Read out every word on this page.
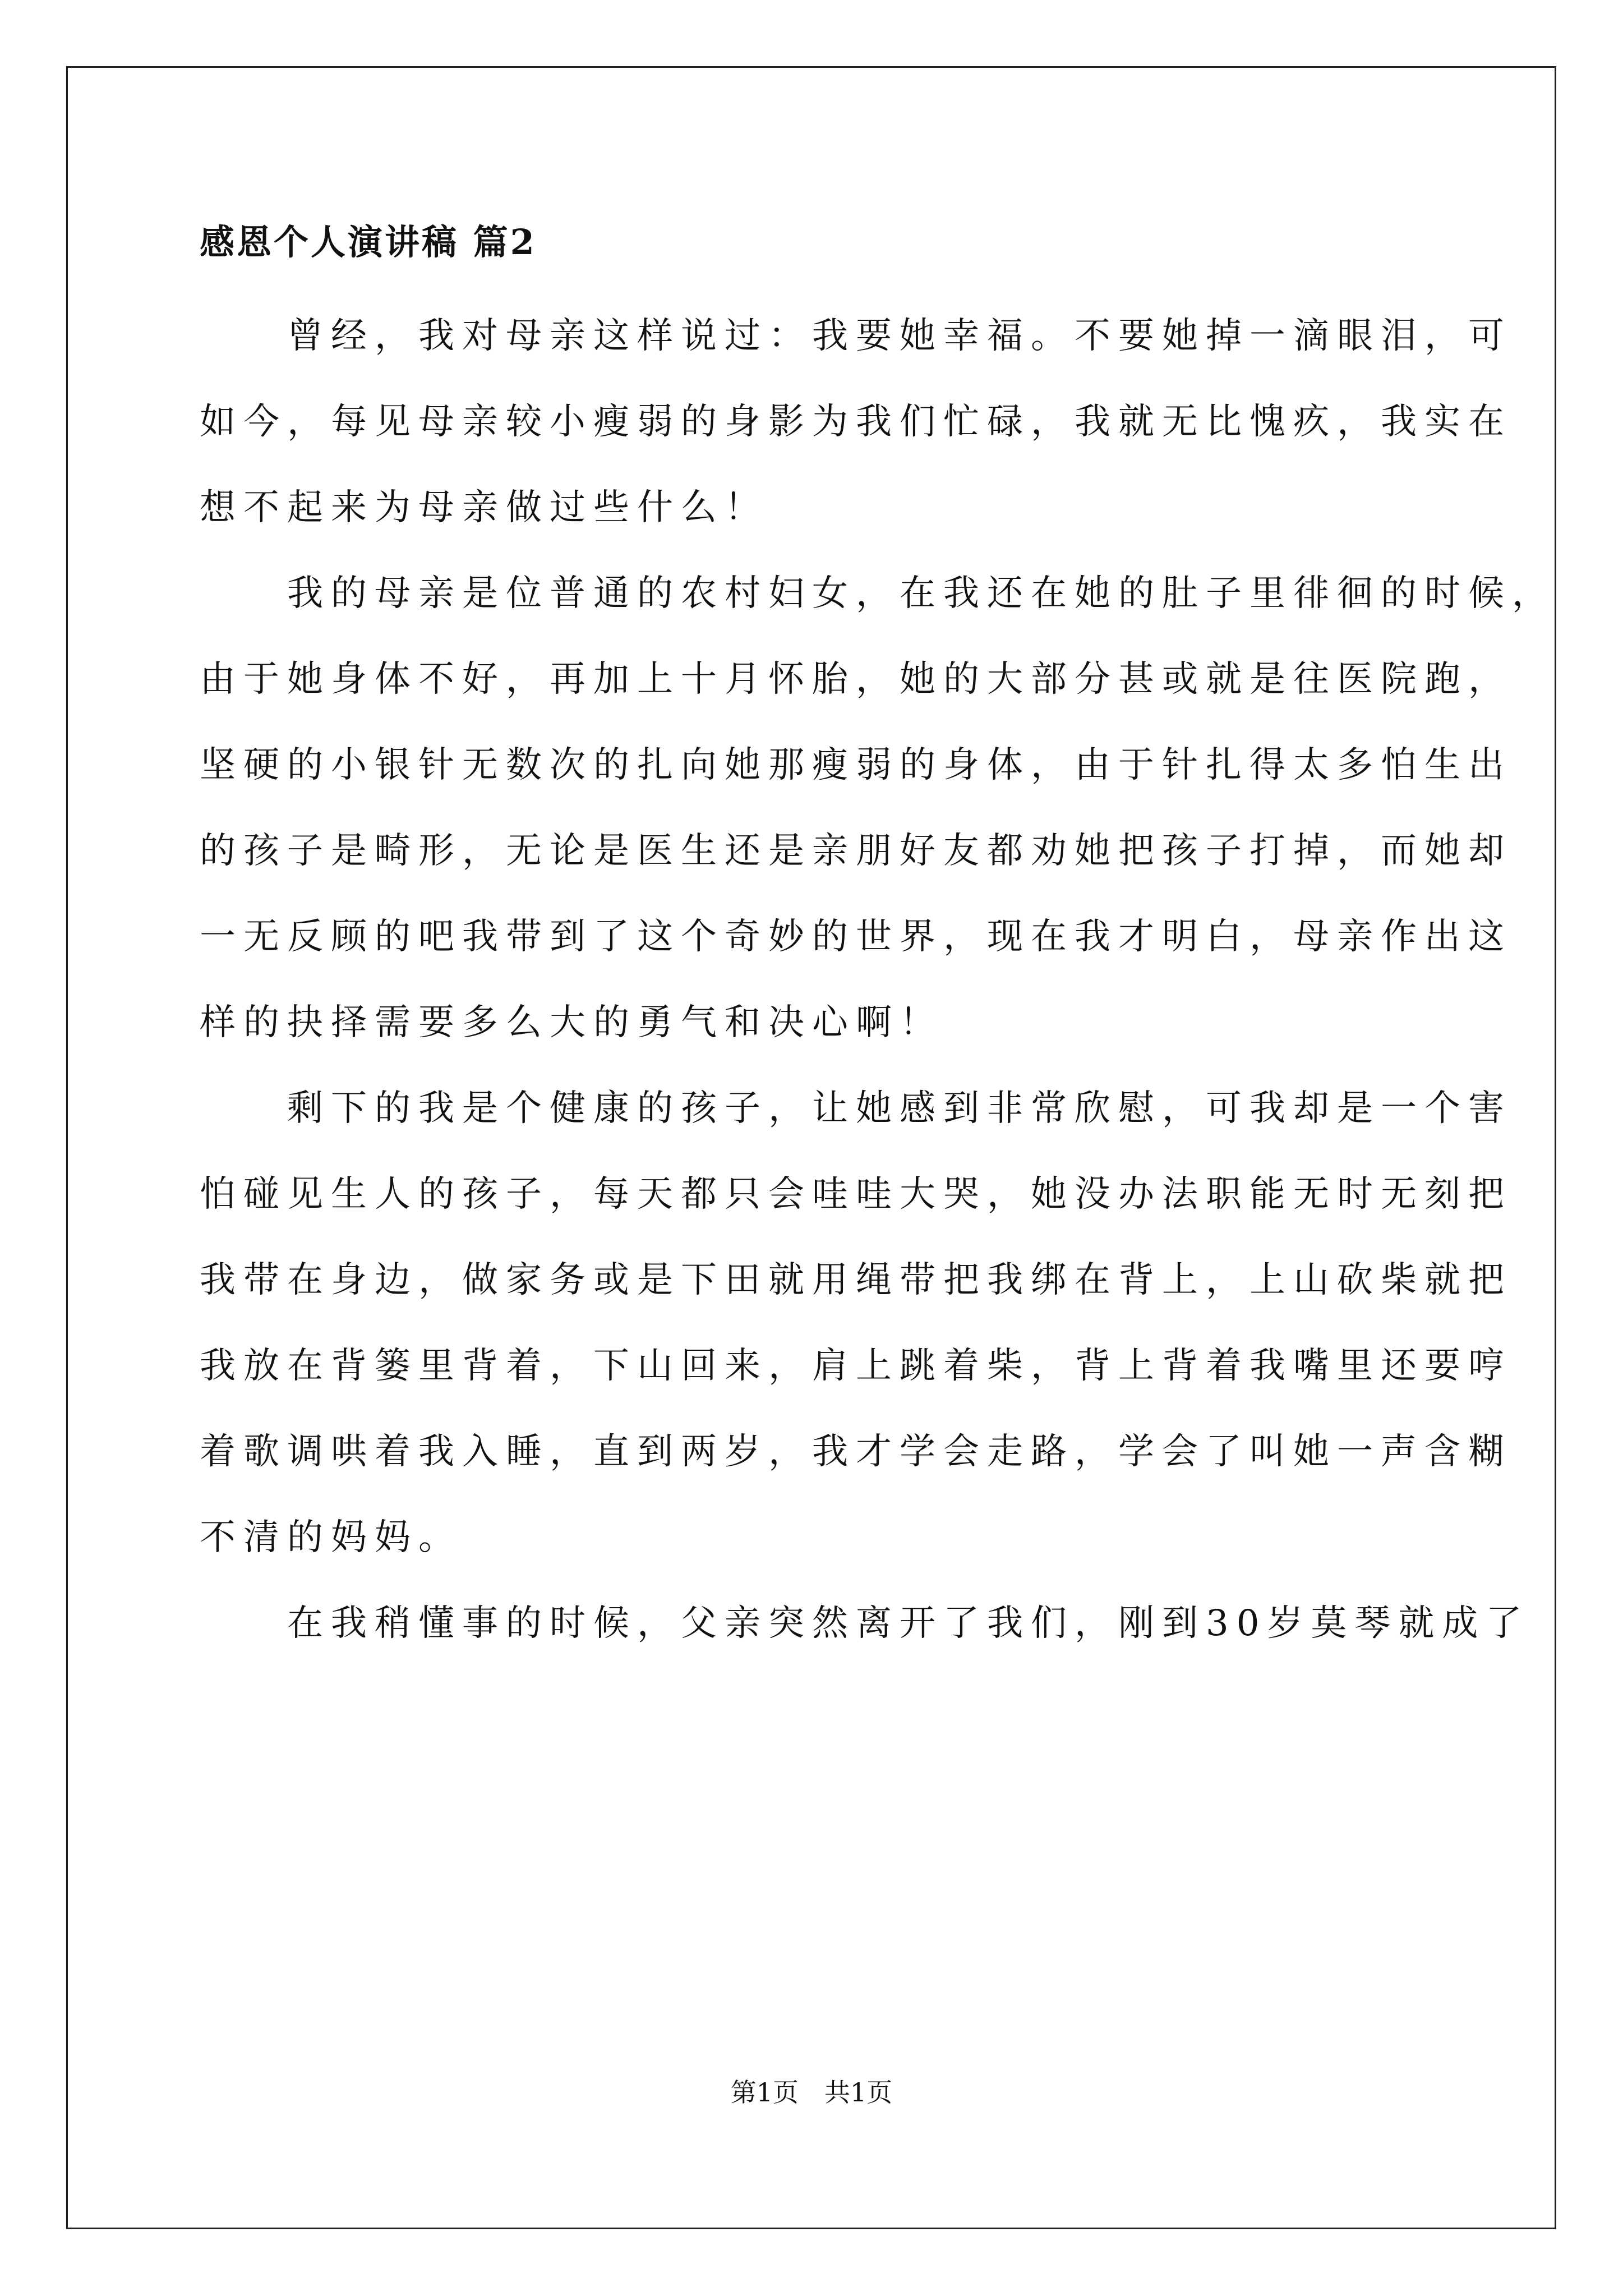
感恩个人演讲稿 篇2
　　曾经，我对母亲这样说过：我要她幸福。不要她掉一滴眼泪，可
如今，每见母亲较小瘦弱的身影为我们忙碌，我就无比愧疚，我实在
想不起来为母亲做过些什么！
　　我的母亲是位普通的农村妇女，在我还在她的肚子里徘徊的时候，
由于她身体不好，再加上十月怀胎，她的大部分甚或就是往医院跑，
坚硬的小银针无数次的扎向她那瘦弱的身体，由于针扎得太多怕生出
的孩子是畸形，无论是医生还是亲朋好友都劝她把孩子打掉，而她却
一无反顾的吧我带到了这个奇妙的世界，现在我才明白，母亲作出这
样的抉择需要多么大的勇气和决心啊！
　　剩下的我是个健康的孩子，让她感到非常欣慰，可我却是一个害
怕碰见生人的孩子，每天都只会哇哇大哭，她没办法职能无时无刻把
我带在身边，做家务或是下田就用绳带把我绑在背上，上山砍柴就把
我放在背篓里背着，下山回来，肩上跳着柴，背上背着我嘴里还要哼
着歌调哄着我入睡，直到两岁，我才学会走路，学会了叫她一声含糊
不清的妈妈。
　　在我稍懂事的时候，父亲突然离开了我们，刚到30岁莫琴就成了
第1页　共1页
